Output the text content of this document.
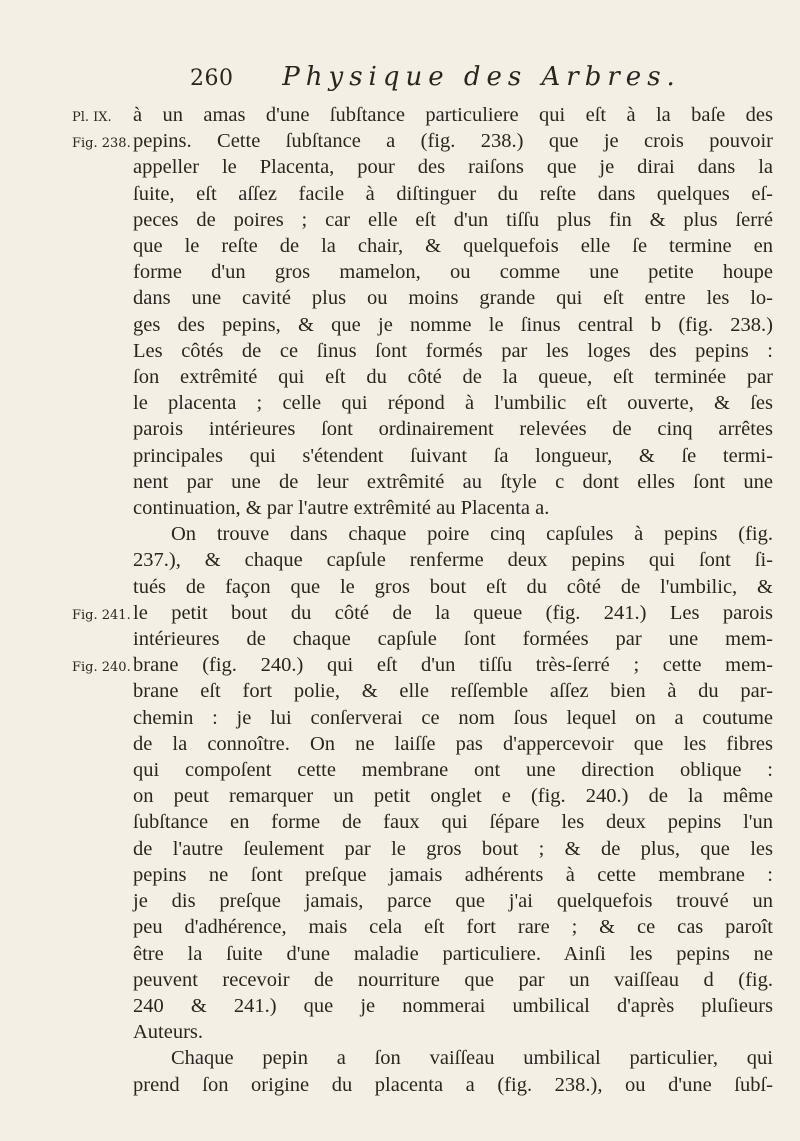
260 Physique des Arbres.
Pl. IX.
Fig. 238.
Fig. 241.
Fig. 240.
à un amas d'une ſubſtance particuliere qui eſt à la baſe des
pepins. Cette ſubſtance a (fig. 238.) que je crois pouvoir
appeller le Placenta, pour des raiſons que je dirai dans la
ſuite, eſt aſſez facile à diſtinguer du reſte dans quelques eſ-
peces de poires ; car elle eſt d'un tiſſu plus fin & plus ſerré
que le reſte de la chair, & quelquefois elle ſe termine en
forme d'un gros mamelon, ou comme une petite houpe
dans une cavité plus ou moins grande qui eſt entre les lo-
ges des pepins, & que je nomme le ſinus central b (fig. 238.)
Les côtés de ce ſinus ſont formés par les loges des pepins :
ſon extrêmité qui eſt du côté de la queue, eſt terminée par
le placenta ; celle qui répond à l'umbilic eſt ouverte, & ſes
parois intérieures ſont ordinairement relevées de cinq arrêtes
principales qui s'étendent ſuivant ſa longueur, & ſe termi-
nent par une de leur extrêmité au ſtyle c dont elles ſont une
continuation, & par l'autre extrêmité au Placenta a.
On trouve dans chaque poire cinq capſules à pepins (fig.
237.), & chaque capſule renferme deux pepins qui ſont ſi-
tués de façon que le gros bout eſt du côté de l'umbilic, &
le petit bout du côté de la queue (fig. 241.) Les parois
intérieures de chaque capſule ſont formées par une mem-
brane (fig. 240.) qui eſt d'un tiſſu très-ſerré ; cette mem-
brane eſt fort polie, & elle reſſemble aſſez bien à du par-
chemin : je lui conſerverai ce nom ſous lequel on a coutume
de la connoître. On ne laiſſe pas d'appercevoir que les fibres
qui compoſent cette membrane ont une direction oblique :
on peut remarquer un petit onglet e (fig. 240.) de la même
ſubſtance en forme de faux qui ſépare les deux pepins l'un
de l'autre ſeulement par le gros bout ; & de plus, que les
pepins ne ſont preſque jamais adhérents à cette membrane :
je dis preſque jamais, parce que j'ai quelquefois trouvé un
peu d'adhérence, mais cela eſt fort rare ; & ce cas paroît
être la ſuite d'une maladie particuliere. Ainſi les pepins ne
peuvent recevoir de nourriture que par un vaiſſeau d (fig.
240 & 241.) que je nommerai umbilical d'après pluſieurs
Auteurs.
Chaque pepin a ſon vaiſſeau umbilical particulier, qui
prend ſon origine du placenta a (fig. 238.), ou d'une ſubſ-
